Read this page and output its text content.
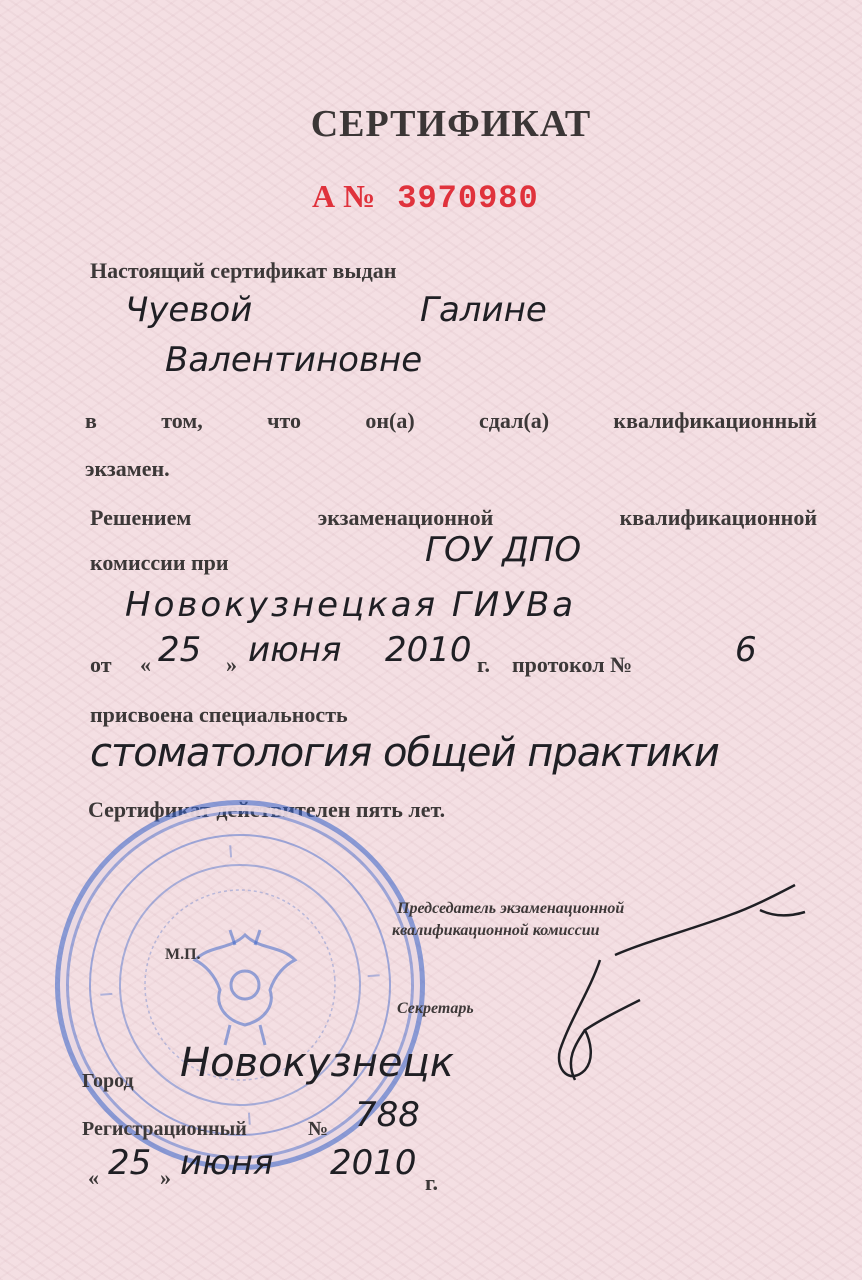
СЕРТИФИКАТ
А № 3970980
Настоящий сертификат выдан
Чуевой	Галине
Валентиновне
в том, что он(а) сдал(а) квалификационный
экзамен.
Решением экзаменационной квалификационной
комиссии при	ГОУ ДПО
Новокузнецкая ГИУВа
от « 25 » июня 2010 г. протокол №	6
присвоена специальность
стоматология общей практики
Сертификат действителен пять лет.
Председатель экзаменационной
квалификационной комиссии
М.П.
Секретарь
Город Новокузнецк
Регистрационный	№ 788
« 25 » июня 2010 г.
